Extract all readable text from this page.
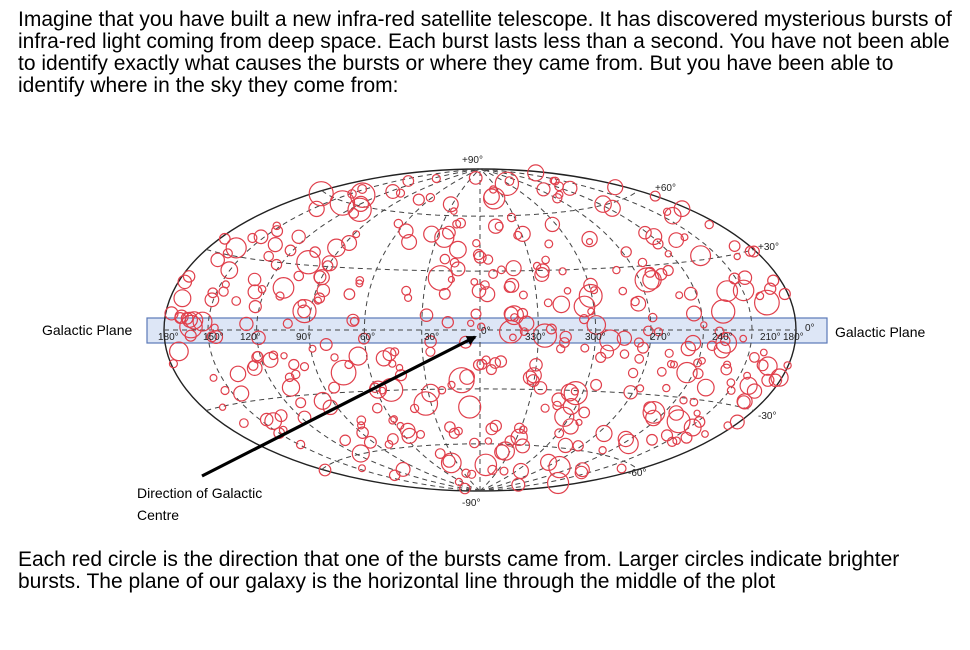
Imagine that you have built a new infra-red satellite telescope. It has discovered mysterious bursts of infra-red light coming from deep space. Each burst lasts less than a second. You have not been able to identify exactly what causes the bursts or where they came from. But you have been able to identify where in the sky they come from:

+90°
+60°
+30°
0°
-30°
-60°
-90°
180° 150° 120°	90°	60°	30°
0°
330°	300°	270°	240°	210° 180°
Galactic Plane	Galactic Plane
Direction of Galactic Centre

Each red circle is the direction that one of the bursts came from. Larger circles indicate brighter bursts. The plane of our galaxy is the horizontal line through the middle of the plot
